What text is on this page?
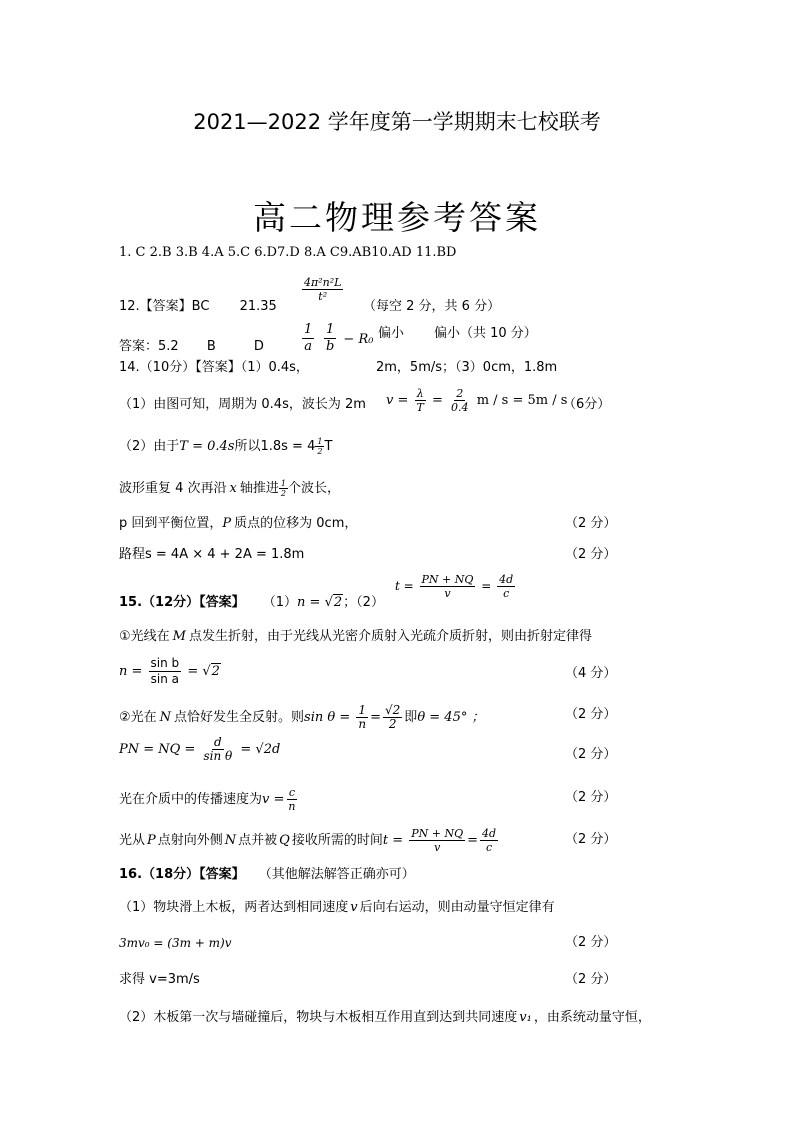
2021—2022 学年度第一学期期末七校联考
高二物理参考答案
1. C 2.B 3.B 4.A 5.C 6.D7.D 8.A C9.AB10.AD 11.BD
12.【答案】BC 21.35
$\frac{\text{4π²n²L}}{\text{t²}}$
（每空 2 分，共 6 分）
答案：5.2 B	D	$\frac{1}{a} \frac{1}{b} - R_0$ 偏小 偏小（共 10 分）
14.（10分）【答案】（1）0.4s，	2m，5m/s；（3）0cm，1.8m
（1）由图可知，周期为 0.4s，波长为 2m $v = \frac{\lambda}{T} = \frac{2}{0.4}$ m / s = 5m / s
（6分）
（2）由于T = 0.4s所以$1.8s = 4 \frac{1}{2}$ T
波形重复 4 次再沿 x 轴推进 $\frac{1}{2}$ 个波长，
p 回到平衡位置，P 质点的位移为 0cm，	（2 分）
路程s = 4A × 4 + 2A = 1.8m	（2 分）
15.（12分）【答案】 （1）n = √2；（2）
$t = \frac{PN + NQ}{v} = \frac{4d}{c}$
①光线在 M 点发生折射，由于光线从光密介质射入光疏介质折射，则由折射定律得
$n = \frac{\text{sin b}}{\text{sin a}} = √2$	（4 分）
②光在 N 点恰好发生全反射。则$\sin \theta = \frac{1}{n} = \frac{√2}{2}$ 即θ = 45° ；	（2 分）
PN = NQ = $\frac{d}{\text{sin θ}} = √2d$	（2 分）
光在介质中的传播速度为$v = \frac{c}{n}$	（2 分）
光从 P 点射向外侧 N 点并被 Q 接收所需的时间$t = \frac{PN + NQ}{v} = \frac{4d}{c}$	（2 分）
16.（18分）【答案】 （其他解法解答正确亦可）
（1）物块滑上木板，两者达到相同速度 v 后向右运动，则由动量守恒定律有
3mv₀ = (3m + m)v	（2 分）
求得 v=3m/s	（2 分）
（2）木板第一次与墙碰撞后，物块与木板相互作用直到达到共同速度 v₁ ，由系统动量守恒，
